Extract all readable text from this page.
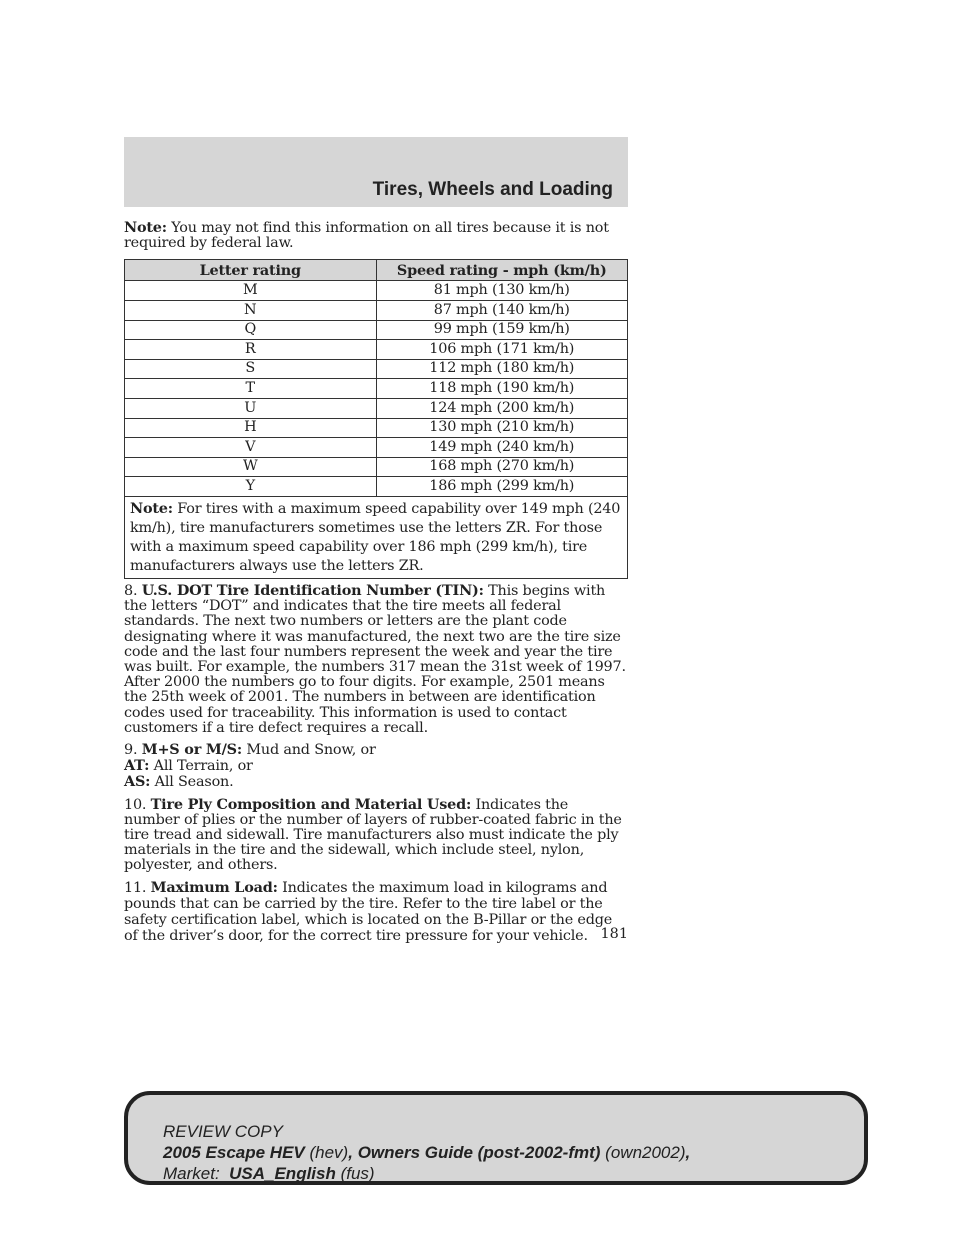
Tires, Wheels and Loading

Note: You may not find this information on all tires because it is not required by federal law.

Letter rating	Speed rating - mph (km/h)
M	81 mph (130 km/h)
N	87 mph (140 km/h)
Q	99 mph (159 km/h)
R	106 mph (171 km/h)
S	112 mph (180 km/h)
T	118 mph (190 km/h)
U	124 mph (200 km/h)
H	130 mph (210 km/h)
V	149 mph (240 km/h)
W	168 mph (270 km/h)
Y	186 mph (299 km/h)
Note: For tires with a maximum speed capability over 149 mph (240 km/h), tire manufacturers sometimes use the letters ZR. For those with a maximum speed capability over 186 mph (299 km/h), tire manufacturers always use the letters ZR.	

8. U.S. DOT Tire Identification Number (TIN): This begins with the letters “DOT” and indicates that the tire meets all federal standards. The next two numbers or letters are the plant code designating where it was manufactured, the next two are the tire size code and the last four numbers represent the week and year the tire was built. For example, the numbers 317 mean the 31st week of 1997. After 2000 the numbers go to four digits. For example, 2501 means the 25th week of 2001. The numbers in between are identification codes used for traceability. This information is used to contact customers if a tire defect requires a recall.

9. M+S or M/S: Mud and Snow, or
AT: All Terrain, or
AS: All Season.

10. Tire Ply Composition and Material Used: Indicates the number of plies or the number of layers of rubber-coated fabric in the tire tread and sidewall. Tire manufacturers also must indicate the ply materials in the tire and the sidewall, which include steel, nylon, polyester, and others.

11. Maximum Load: Indicates the maximum load in kilograms and pounds that can be carried by the tire. Refer to the tire label or the safety certification label, which is located on the B-Pillar or the edge of the driver’s door, for the correct tire pressure for your vehicle. 181
REVIEW COPY
2005 Escape HEV (hev), Owners Guide (post-2002-fmt) (own2002),
Market:  USA_English (fus)
